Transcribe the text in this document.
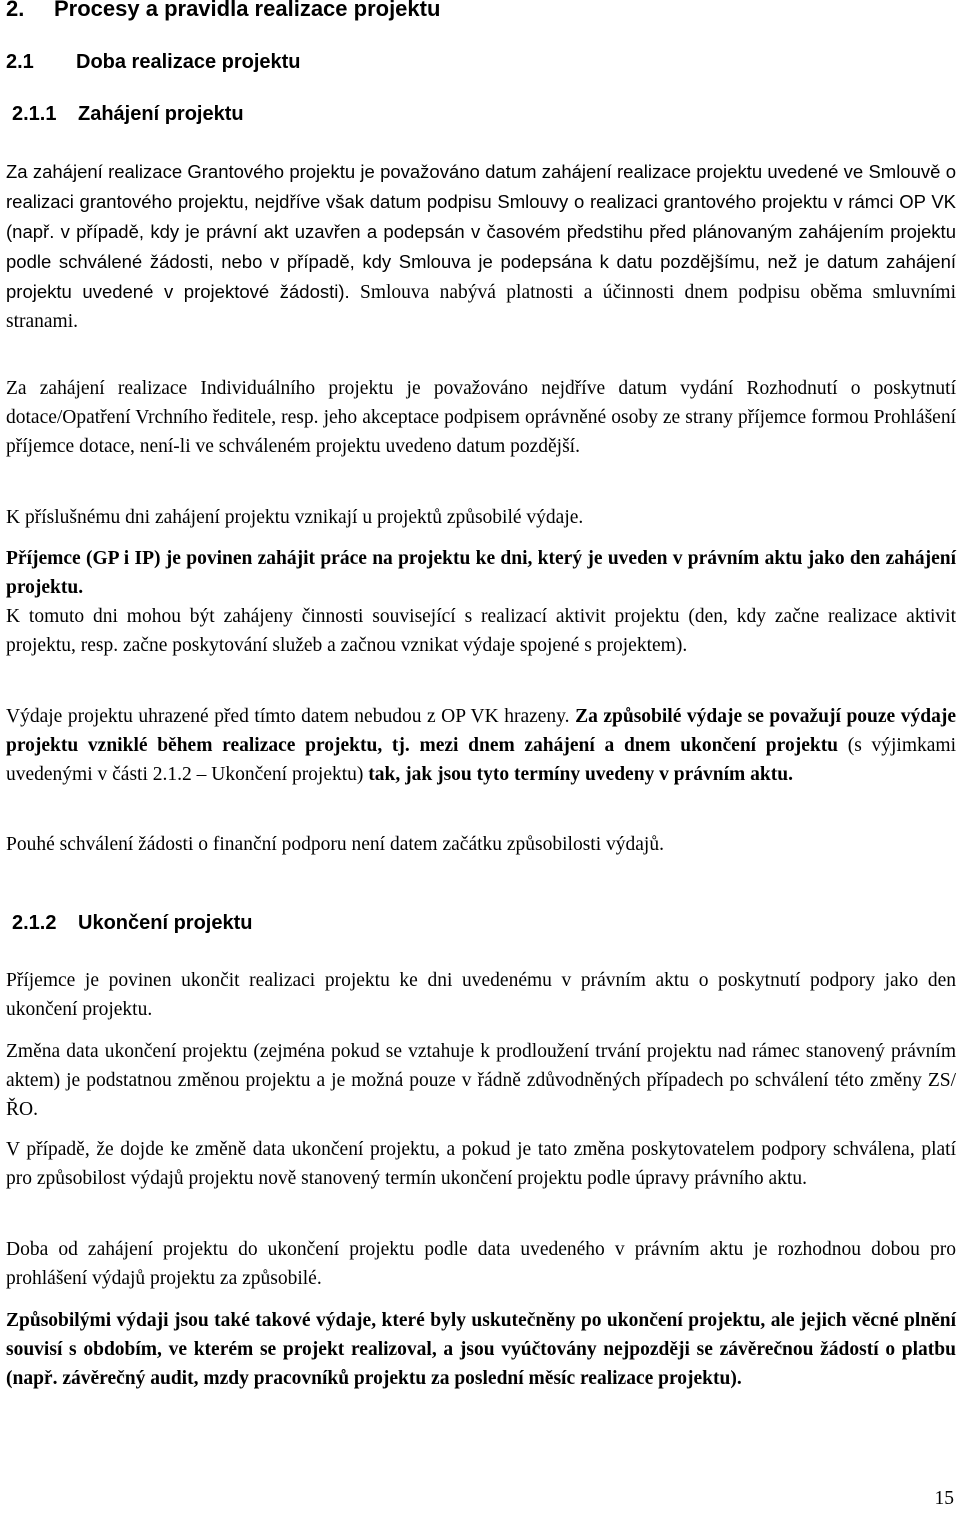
2. Procesy a pravidla realizace projektu
2.1 Doba realizace projektu
2.1.1 Zahájení projektu

Za zahájení realizace Grantového projektu je považováno datum zahájení realizace projektu uvedené ve Smlouvě o realizaci grantového projektu, nejdříve však datum podpisu Smlouvy o realizaci grantového projektu v rámci OP VK (např. v případě, kdy je právní akt uzavřen a podepsán v časovém předstihu před plánovaným zahájením projektu podle schválené žádosti, nebo v případě, kdy Smlouva je podepsána k datu pozdějšímu, než je datum zahájení projektu uvedené v projektové žádosti). Smlouva nabývá platnosti a účinnosti dnem podpisu oběma smluvními stranami.

Za zahájení realizace Individuálního projektu je považováno nejdříve datum vydání Rozhodnutí o poskytnutí dotace/Opatření Vrchního ředitele, resp. jeho akceptace podpisem oprávněné osoby ze strany příjemce formou Prohlášení příjemce dotace, není-li ve schváleném projektu uvedeno datum pozdější.

K příslušnému dni zahájení projektu vznikají u projektů způsobilé výdaje.

Příjemce (GP i IP) je povinen zahájit práce na projektu ke dni, který je uveden v právním aktu jako den zahájení projektu.

K tomuto dni mohou být zahájeny činnosti související s realizací aktivit projektu (den, kdy začne realizace aktivit projektu, resp. začne poskytování služeb a začnou vznikat výdaje spojené s projektem).

Výdaje projektu uhrazené před tímto datem nebudou z OP VK hrazeny. Za způsobilé výdaje se považují pouze výdaje projektu vzniklé během realizace projektu, tj. mezi dnem zahájení a dnem ukončení projektu (s výjimkami uvedenými v části 2.1.2 – Ukončení projektu) tak, jak jsou tyto termíny uvedeny v právním aktu.

Pouhé schválení žádosti o finanční podporu není datem začátku způsobilosti výdajů.

2.1.2 Ukončení projektu

Příjemce je povinen ukončit realizaci projektu ke dni uvedenému v právním aktu o poskytnutí podpory jako den ukončení projektu.

Změna data ukončení projektu (zejména pokud se vztahuje k prodloužení trvání projektu nad rámec stanovený právním aktem) je podstatnou změnou projektu a je možná pouze v řádně zdůvodněných případech po schválení této změny ZS/ŘO.

V případě, že dojde ke změně data ukončení projektu, a pokud je tato změna poskytovatelem podpory schválena, platí pro způsobilost výdajů projektu nově stanovený termín ukončení projektu podle úpravy právního aktu.

Doba od zahájení projektu do ukončení projektu podle data uvedeného v právním aktu je rozhodnou dobou pro prohlášení výdajů projektu za způsobilé.

Způsobilými výdaji jsou také takové výdaje, které byly uskutečněny po ukončení projektu, ale jejich věcné plnění souvisí s obdobím, ve kterém se projekt realizoval, a jsou vyúčtovány nejpozději se závěrečnou žádostí o platbu (např. závěrečný audit, mzdy pracovníků projektu za poslední měsíc realizace projektu).

15
